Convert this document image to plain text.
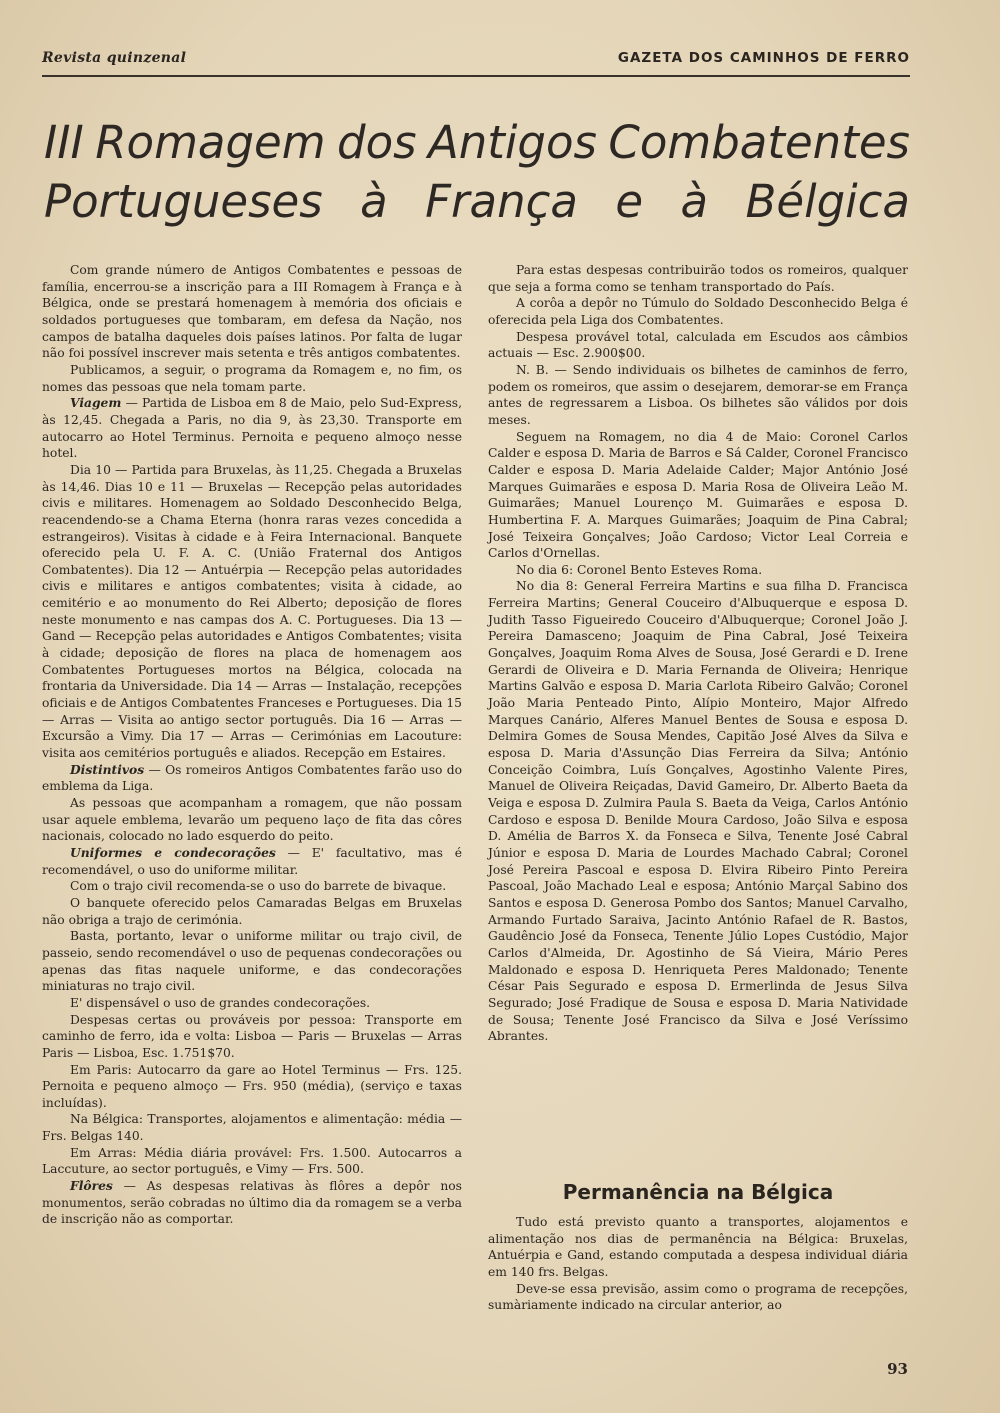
Revista quinzenal	GAZETA DOS CAMINHOS DE FERRO
III Romagem dos Antigos Combatentes
Portugueses à França e à Bélgica

Com grande número de Antigos Combatentes e pessoas de família, encerrou-se a inscrição para a III Romagem à França e à Bélgica, onde se prestará homenagem à memória dos oficiais e soldados portugueses que tombaram, em defesa da Nação, nos campos de batalha daqueles dois países latinos. Por falta de lugar não foi possível inscrever mais setenta e três antigos combatentes.

Publicamos, a seguir, o programa da Romagem e, no fim, os nomes das pessoas que nela tomam parte.

Viagem — Partida de Lisboa em 8 de Maio, pelo Sud-Express, às 12,45. Chegada a Paris, no dia 9, às 23,30. Transporte em autocarro ao Hotel Terminus. Pernoita e pequeno almoço nesse hotel.

Dia 10 — Partida para Bruxelas, às 11,25. Chegada a Bruxelas às 14,46. Dias 10 e 11 — Bruxelas — Recepção pelas autoridades civis e militares. Homenagem ao Soldado Desconhecido Belga, reacendendo-se a Chama Eterna (honra raras vezes concedida a estrangeiros). Visitas à cidade e à Feira Internacional. Banquete oferecido pela U. F. A. C. (União Fraternal dos Antigos Combatentes). Dia 12 — Antuérpia — Recepção pelas autoridades civis e militares e antigos combatentes; visita à cidade, ao cemitério e ao monumento do Rei Alberto; deposição de flores neste monumento e nas campas dos A. C. Portugueses. Dia 13 — Gand — Recepção pelas autoridades e Antigos Combatentes; visita à cidade; deposição de flores na placa de homenagem aos Combatentes Portugueses mortos na Bélgica, colocada na frontaria da Universidade. Dia 14 — Arras — Instalação, recepções oficiais e de Antigos Combatentes Franceses e Portugueses. Dia 15 — Arras — Visita ao antigo sector português. Dia 16 — Arras — Excursão a Vimy. Dia 17 — Arras — Cerimónias em Lacouture: visita aos cemitérios português e aliados. Recepção em Estaires.

Distintivos — Os romeiros Antigos Combatentes farão uso do emblema da Liga.

As pessoas que acompanham a romagem, que não possam usar aquele emblema, levarão um pequeno laço de fita das côres nacionais, colocado no lado esquerdo do peito.

Uniformes e condecorações — E' facultativo, mas é recomendável, o uso do uniforme militar.

Com o trajo civil recomenda-se o uso do barrete de bivaque.

O banquete oferecido pelos Camaradas Belgas em Bruxelas não obriga a trajo de cerimónia.

Basta, portanto, levar o uniforme militar ou trajo civil, de passeio, sendo recomendável o uso de pequenas condecorações ou apenas das fitas naquele uniforme, e das condecorações miniaturas no trajo civil.

E' dispensável o uso de grandes condecorações.

Despesas certas ou prováveis por pessoa: Transporte em caminho de ferro, ida e volta: Lisboa — Paris — Bruxelas — Arras Paris — Lisboa, Esc. 1.751$70.

Em Paris: Autocarro da gare ao Hotel Terminus — Frs. 125. Pernoita e pequeno almoço — Frs. 950 (média), (serviço e taxas incluídas).

Na Bélgica: Transportes, alojamentos e alimentação: média — Frs. Belgas 140.

Em Arras: Média diária provável: Frs. 1.500. Autocarros a Laccuture, ao sector português, e Vimy — Frs. 500.

Flôres — As despesas relativas às flôres a depôr nos monumentos, serão cobradas no último dia da romagem se a verba de inscrição não as comportar.

Para estas despesas contribuirão todos os romeiros, qualquer que seja a forma como se tenham transportado do País.

A corôa a depôr no Túmulo do Soldado Desconhecido Belga é oferecida pela Liga dos Combatentes.

Despesa provável total, calculada em Escudos aos câmbios actuais — Esc. 2.900$00.

N. B. — Sendo individuais os bilhetes de caminhos de ferro, podem os romeiros, que assim o desejarem, demorar-se em França antes de regressarem a Lisboa. Os bilhetes são válidos por dois meses.

Seguem na Romagem, no dia 4 de Maio: Coronel Carlos Calder e esposa D. Maria de Barros e Sá Calder, Coronel Francisco Calder e esposa D. Maria Adelaide Calder; Major António José Marques Guimarães e esposa D. Maria Rosa de Oliveira Leão M. Guimarães; Manuel Lourenço M. Guimarães e esposa D. Humbertina F. A. Marques Guimarães; Joaquim de Pina Cabral; José Teixeira Gonçalves; João Cardoso; Victor Leal Correia e Carlos d'Ornellas.

No dia 6: Coronel Bento Esteves Roma.

No dia 8: General Ferreira Martins e sua filha D. Francisca Ferreira Martins; General Couceiro d'Albuquerque e esposa D. Judith Tasso Figueiredo Couceiro d'Albuquerque; Coronel João J. Pereira Damasceno; Joaquim de Pina Cabral, José Teixeira Gonçalves, Joaquim Roma Alves de Sousa, José Gerardi e D. Irene Gerardi de Oliveira e D. Maria Fernanda de Oliveira; Henrique Martins Galvão e esposa D. Maria Carlota Ribeiro Galvão; Coronel João Maria Penteado Pinto, Alípio Monteiro, Major Alfredo Marques Canário, Alferes Manuel Bentes de Sousa e esposa D. Delmira Gomes de Sousa Mendes, Capitão José Alves da Silva e esposa D. Maria d'Assunção Dias Ferreira da Silva; António Conceição Coimbra, Luís Gonçalves, Agostinho Valente Pires, Manuel de Oliveira Reiçadas, David Gameiro, Dr. Alberto Baeta da Veiga e esposa D. Zulmira Paula S. Baeta da Veiga, Carlos António Cardoso e esposa D. Benilde Moura Cardoso, João Silva e esposa D. Amélia de Barros X. da Fonseca e Silva, Tenente José Cabral Júnior e esposa D. Maria de Lourdes Machado Cabral; Coronel José Pereira Pascoal e esposa D. Elvira Ribeiro Pinto Pereira Pascoal, João Machado Leal e esposa; António Marçal Sabino dos Santos e esposa D. Generosa Pombo dos Santos; Manuel Carvalho, Armando Furtado Saraiva, Jacinto António Rafael de R. Bastos, Gaudêncio José da Fonseca, Tenente Júlio Lopes Custódio, Major Carlos d'Almeida, Dr. Agostinho de Sá Vieira, Mário Peres Maldonado e esposa D. Henriqueta Peres Maldonado; Tenente César Pais Segurado e esposa D. Ermerlinda de Jesus Silva Segurado; José Fradique de Sousa e esposa D. Maria Natividade de Sousa; Tenente José Francisco da Silva e José Veríssimo Abrantes.

Permanência na Bélgica

Tudo está previsto quanto a transportes, alojamentos e alimentação nos dias de permanência na Bélgica: Bruxelas, Antuérpia e Gand, estando computada a despesa individual diária em 140 frs. Belgas.

Deve-se essa previsão, assim como o programa de recepções, sumàriamente indicado na circular anterior, ao

93
